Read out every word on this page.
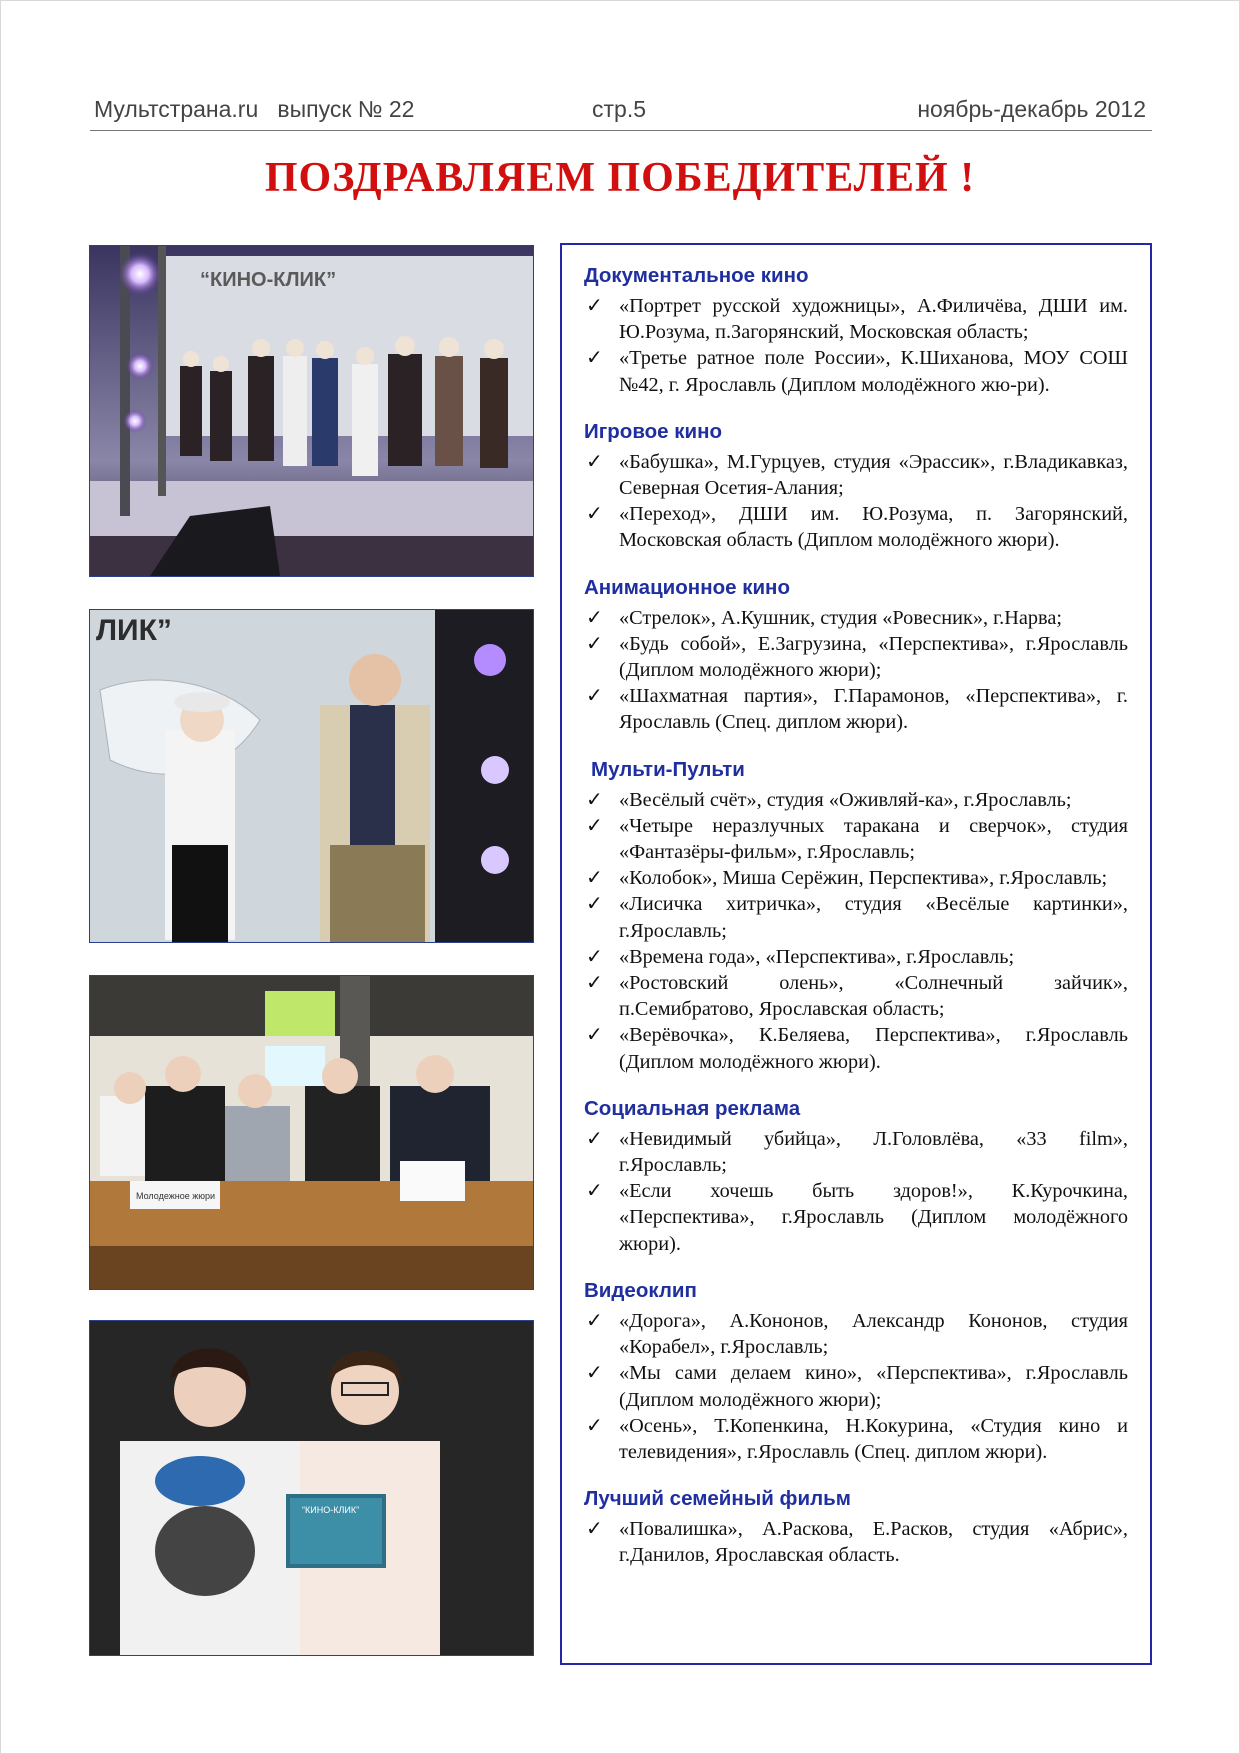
Мультстрана.ru   выпуск № 22	стр.5	ноябрь-декабрь 2012
ПОЗДРАВЛЯЕМ ПОБЕДИТЕЛЕЙ !
“КИНО-КЛИК”
ЛИК”
Молодежное жюри
“КИНО-КЛИК”
Документальное кино
✓ «Портрет русской художницы», А.Филичёва, ДШИ им. Ю.Розума, п.Загорянский, Московская область;
✓ «Третье ратное поле России», К.Шиханова, МОУ СОШ №42, г. Ярославль (Диплом молодёжного жю-ри).
Игровое кино
✓ «Бабушка», М.Гурцуев, студия «Эрассик», г.Владикавказ, Северная Осетия-Алания;
✓ «Переход», ДШИ им. Ю.Розума, п. Загорянский, Московская область (Диплом молодёжного жюри).
Анимационное кино
✓ «Стрелок», А.Кушник, студия «Ровесник», г.Нарва;
✓ «Будь собой», Е.Загрузина, «Перспектива», г.Ярославль (Диплом молодёжного жюри);
✓ «Шахматная партия», Г.Парамонов, «Перспектива», г. Ярославль (Спец. диплом жюри).
Мульти-Пульти
✓ «Весёлый счёт», студия «Оживляй-ка», г.Ярославль;
✓ «Четыре неразлучных таракана и сверчок», студия «Фантазёры-фильм», г.Ярославль;
✓ «Колобок», Миша Серёжин, Перспектива», г.Ярославль;
✓ «Лисичка хитричка», студия «Весёлые картинки», г.Ярославль;
✓ «Времена года», «Перспектива», г.Ярославль;
✓ «Ростовский олень», «Солнечный зайчик», п.Семибратово, Ярославская область;
✓ «Верёвочка», К.Беляева, Перспектива», г.Ярославль (Диплом молодёжного жюри).
Социальная реклама
✓ «Невидимый убийца», Л.Головлёва, «33 film», г.Ярославль;
✓ «Если хочешь быть здоров!», К.Курочкина, «Перспектива», г.Ярославль (Диплом молодёжного жюри).
Видеоклип
✓ «Дорога», А.Кононов, Александр Кононов, студия «Корабел», г.Ярославль;
✓ «Мы сами делаем кино», «Перспектива», г.Ярославль (Диплом молодёжного жюри);
✓ «Осень», Т.Копенкина, Н.Кокурина, «Студия кино и телевидения», г.Ярославль (Спец. диплом жюри).
Лучший семейный фильм
✓ «Повалишка», А.Раскова, Е.Расков, студия «Абрис», г.Данилов, Ярославская область.
